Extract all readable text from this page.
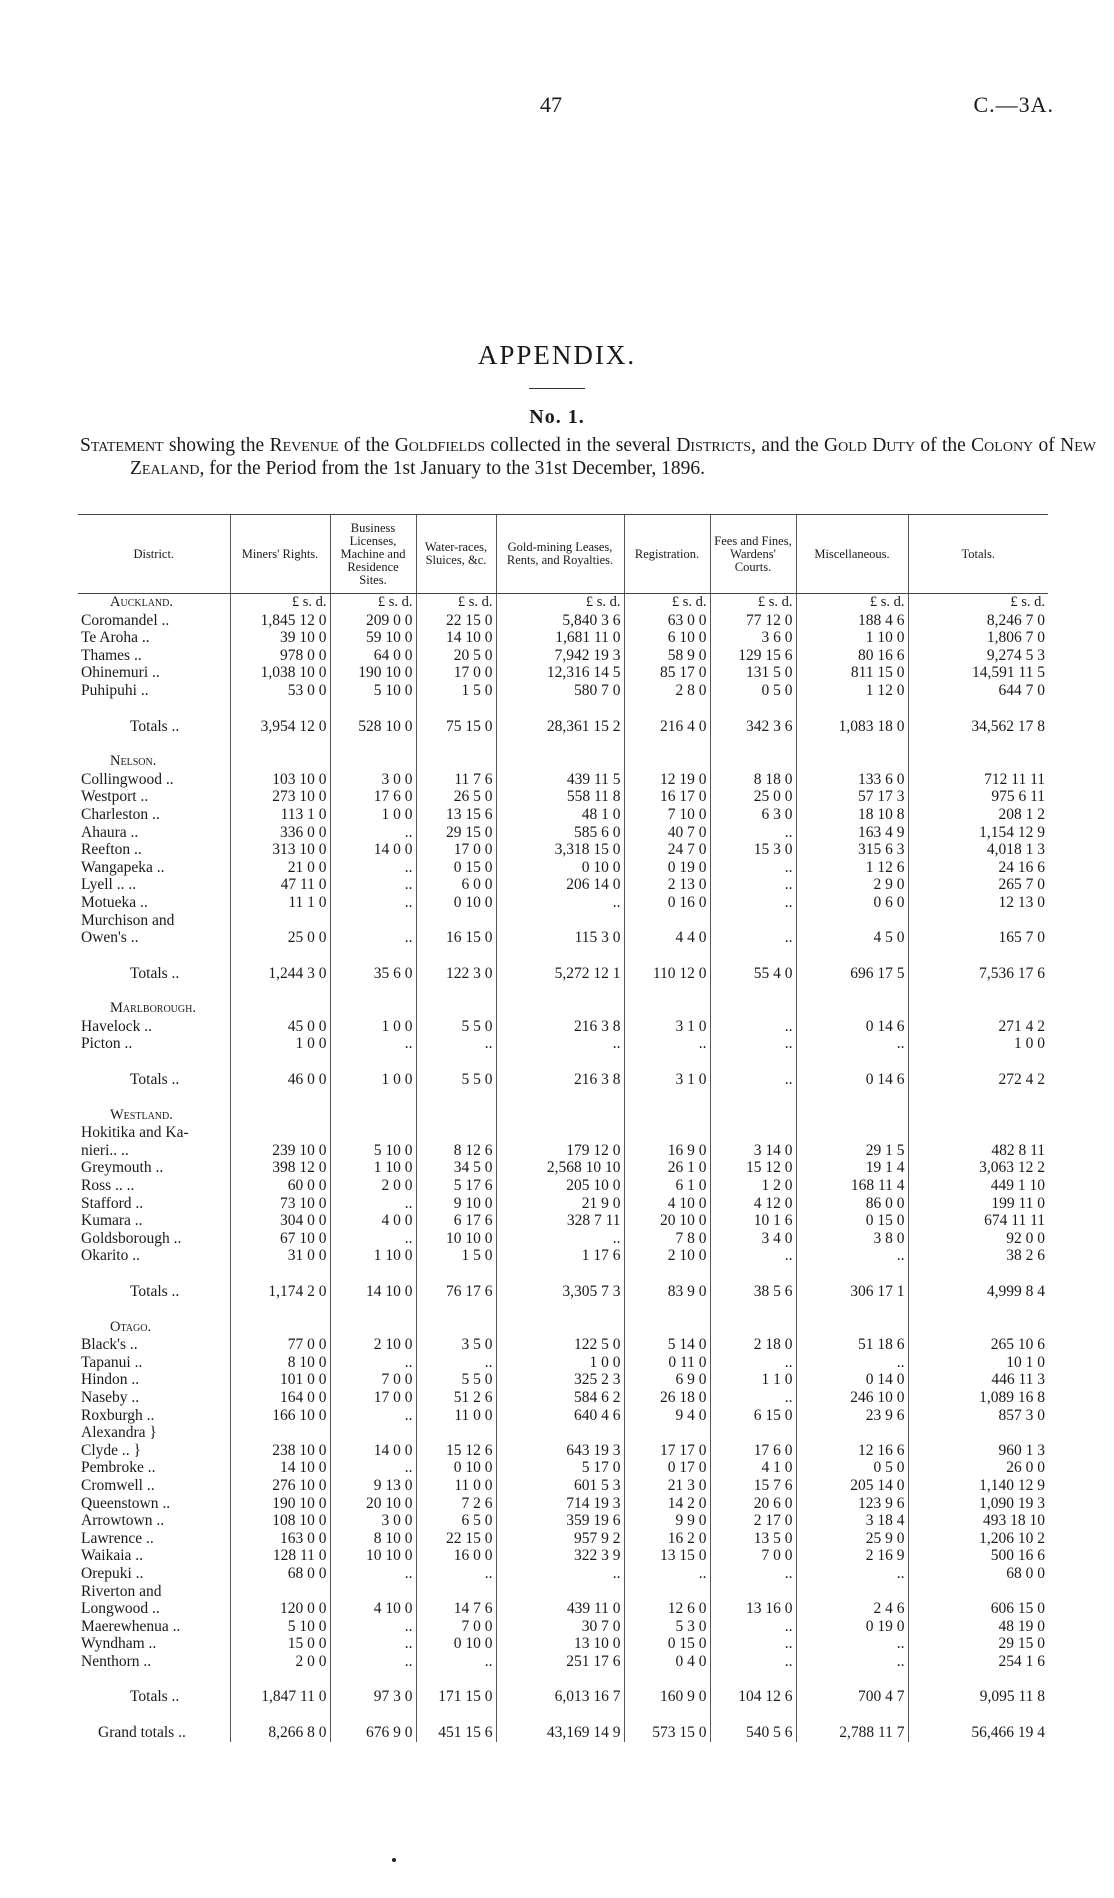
47	C.—3A.
APPENDIX.
No. 1.
Statement showing the Revenue of the Goldfields collected in the several Districts, and the Gold Duty of the Colony of New Zealand, for the Period from the 1st January to the 31st December, 1896.
District.	Miners' Rights.	Business Licenses, Machine and Residence Sites.	Water-races, Sluices, &c.	Gold-mining Leases, Rents, and Royalties.	Registration.	Fees and Fines, Wardens' Courts.	Miscellaneous.	Totals.
Auckland.	£ s. d.	£ s. d.	£ s. d.	£ s. d.	£ s. d.	£ s. d.	£ s. d.	£ s. d.
Coromandel ..	1,845 12 0	209 0 0	22 15 0	5,840 3 6	63 0 0	77 12 0	188 4 6	8,246 7 0
Te Aroha ..	39 10 0	59 10 0	14 10 0	1,681 11 0	6 10 0	3 6 0	1 10 0	1,806 7 0
Thames ..	978 0 0	64 0 0	20 5 0	7,942 19 3	58 9 0	129 15 6	80 16 6	9,274 5 3
Ohinemuri ..	1,038 10 0	190 10 0	17 0 0	12,316 14 5	85 17 0	131 5 0	811 15 0	14,591 11 5
Puhipuhi ..	53 0 0	5 10 0	1 5 0	580 7 0	2 8 0	0 5 0	1 12 0	644 7 0

Totals ..	3,954 12 0	528 10 0	75 15 0	28,361 15 2	216 4 0	342 3 6	1,083 18 0	34,562 17 8

Nelson.								
Collingwood ..	103 10 0	3 0 0	11 7 6	439 11 5	12 19 0	8 18 0	133 6 0	712 11 11
Westport ..	273 10 0	17 6 0	26 5 0	558 11 8	16 17 0	25 0 0	57 17 3	975 6 11
Charleston ..	113 1 0	1 0 0	13 15 6	48 1 0	7 10 0	6 3 0	18 10 8	208 1 2
Ahaura ..	336 0 0	..	29 15 0	585 6 0	40 7 0	..	163 4 9	1,154 12 9
Reefton ..	313 10 0	14 0 0	17 0 0	3,318 15 0	24 7 0	15 3 0	315 6 3	4,018 1 3
Wangapeka ..	21 0 0	..	0 15 0	0 10 0	0 19 0	..	1 12 6	24 16 6
Lyell .. ..	47 11 0	..	6 0 0	206 14 0	2 13 0	..	2 9 0	265 7 0
Motueka ..	11 1 0	..	0 10 0	..	0 16 0	..	0 6 0	12 13 0
Murchison and								
Owen's ..	25 0 0	..	16 15 0	115 3 0	4 4 0	..	4 5 0	165 7 0

Totals ..	1,244 3 0	35 6 0	122 3 0	5,272 12 1	110 12 0	55 4 0	696 17 5	7,536 17 6

Marlborough.								
Havelock ..	45 0 0	1 0 0	5 5 0	216 3 8	3 1 0	..	0 14 6	271 4 2
Picton ..	1 0 0	..	..	..	..	..	..	1 0 0

Totals ..	46 0 0	1 0 0	5 5 0	216 3 8	3 1 0	..	0 14 6	272 4 2

Westland.								
Hokitika and Ka-								
nieri.. ..	239 10 0	5 10 0	8 12 6	179 12 0	16 9 0	3 14 0	29 1 5	482 8 11
Greymouth ..	398 12 0	1 10 0	34 5 0	2,568 10 10	26 1 0	15 12 0	19 1 4	3,063 12 2
Ross .. ..	60 0 0	2 0 0	5 17 6	205 10 0	6 1 0	1 2 0	168 11 4	449 1 10
Stafford ..	73 10 0	..	9 10 0	21 9 0	4 10 0	4 12 0	86 0 0	199 11 0
Kumara ..	304 0 0	4 0 0	6 17 6	328 7 11	20 10 0	10 1 6	0 15 0	674 11 11
Goldsborough ..	67 10 0	..	10 10 0	..	7 8 0	3 4 0	3 8 0	92 0 0
Okarito ..	31 0 0	1 10 0	1 5 0	1 17 6	2 10 0	..	..	38 2 6

Totals ..	1,174 2 0	14 10 0	76 17 6	3,305 7 3	83 9 0	38 5 6	306 17 1	4,999 8 4

Otago.								
Black's ..	77 0 0	2 10 0	3 5 0	122 5 0	5 14 0	2 18 0	51 18 6	265 10 6
Tapanui ..	8 10 0	..	..	1 0 0	0 11 0	..	..	10 1 0
Hindon ..	101 0 0	7 0 0	5 5 0	325 2 3	6 9 0	1 1 0	0 14 0	446 11 3
Naseby ..	164 0 0	17 0 0	51 2 6	584 6 2	26 18 0	..	246 10 0	1,089 16 8
Roxburgh ..	166 10 0	..	11 0 0	640 4 6	9 4 0	6 15 0	23 9 6	857 3 0
Alexandra }								
Clyde .. }	238 10 0	14 0 0	15 12 6	643 19 3	17 17 0	17 6 0	12 16 6	960 1 3
Pembroke ..	14 10 0	..	0 10 0	5 17 0	0 17 0	4 1 0	0 5 0	26 0 0
Cromwell ..	276 10 0	9 13 0	11 0 0	601 5 3	21 3 0	15 7 6	205 14 0	1,140 12 9
Queenstown ..	190 10 0	20 10 0	7 2 6	714 19 3	14 2 0	20 6 0	123 9 6	1,090 19 3
Arrowtown ..	108 10 0	3 0 0	6 5 0	359 19 6	9 9 0	2 17 0	3 18 4	493 18 10
Lawrence ..	163 0 0	8 10 0	22 15 0	957 9 2	16 2 0	13 5 0	25 9 0	1,206 10 2
Waikaia ..	128 11 0	10 10 0	16 0 0	322 3 9	13 15 0	7 0 0	2 16 9	500 16 6
Orepuki ..	68 0 0	..	..	..	..	..	..	68 0 0
Riverton and								
Longwood ..	120 0 0	4 10 0	14 7 6	439 11 0	12 6 0	13 16 0	2 4 6	606 15 0
Maerewhenua ..	5 10 0	..	7 0 0	30 7 0	5 3 0	..	0 19 0	48 19 0
Wyndham ..	15 0 0	..	0 10 0	13 10 0	0 15 0	..	..	29 15 0
Nenthorn ..	2 0 0	..	..	251 17 6	0 4 0	..	..	254 1 6

Totals ..	1,847 11 0	97 3 0	171 15 0	6,013 16 7	160 9 0	104 12 6	700 4 7	9,095 11 8

Grand totals ..	8,266 8 0	676 9 0	451 15 6	43,169 14 9	573 15 0	540 5 6	2,788 11 7	56,466 19 4
